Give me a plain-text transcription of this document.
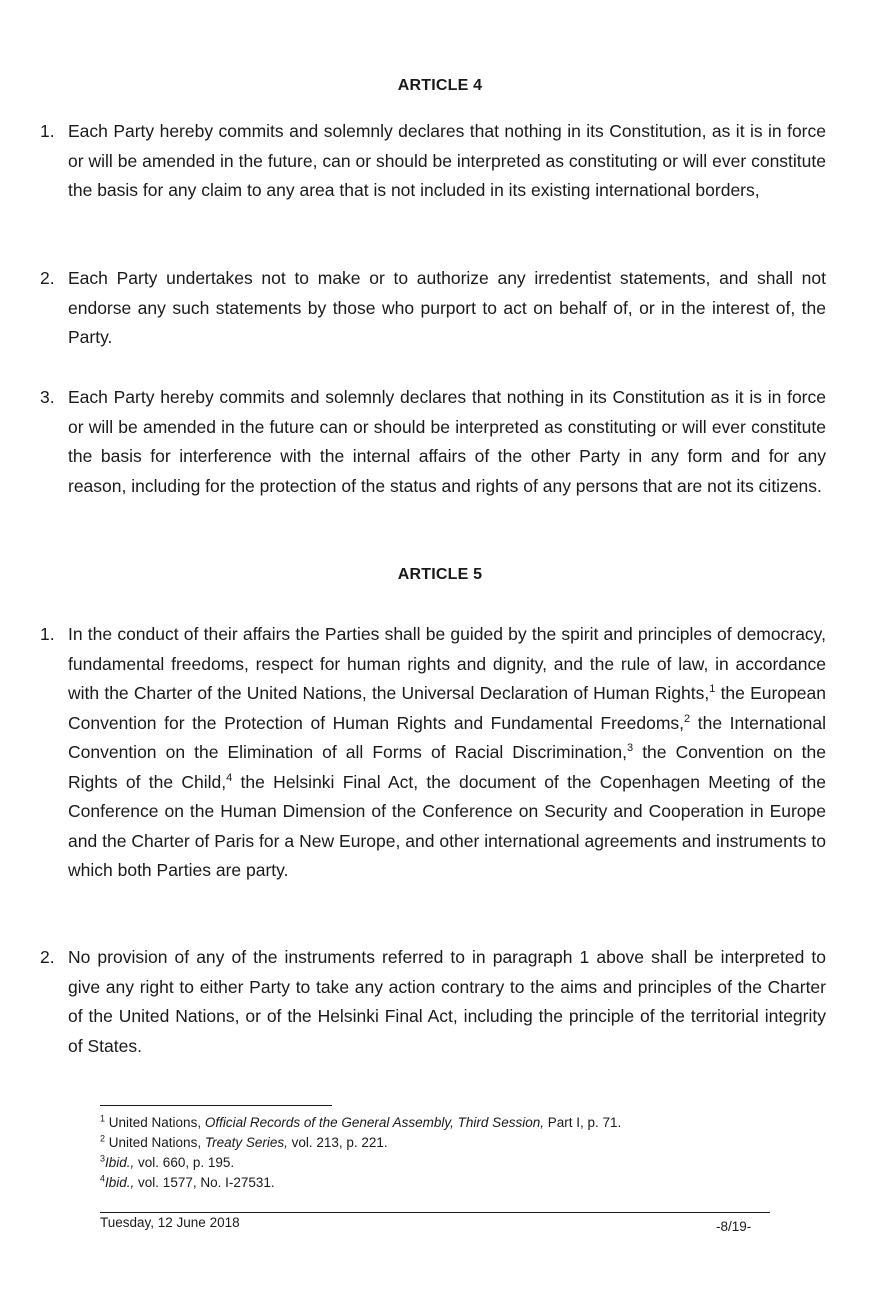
ARTICLE 4
1. Each Party hereby commits and solemnly declares that nothing in its Constitution, as it is in force or will be amended in the future, can or should be interpreted as constituting or will ever constitute the basis for any claim to any area that is not included in its existing international borders,
2. Each Party undertakes not to make or to authorize any irredentist statements, and shall not endorse any such statements by those who purport to act on behalf of, or in the interest of, the Party.
3. Each Party hereby commits and solemnly declares that nothing in its Constitution as it is in force or will be amended in the future can or should be interpreted as constituting or will ever constitute the basis for interference with the internal affairs of the other Party in any form and for any reason, including for the protection of the status and rights of any persons that are not its citizens.
ARTICLE 5
1. In the conduct of their affairs the Parties shall be guided by the spirit and principles of democracy, fundamental freedoms, respect for human rights and dignity, and the rule of law, in accordance with the Charter of the United Nations, the Universal Declaration of Human Rights,$^1$ the European Convention for the Protection of Human Rights and Fundamental Freedoms,$^2$ the International Convention on the Elimination of all Forms of Racial Discrimination,$^3$ the Convention on the Rights of the Child,$^4$ the Helsinki Final Act, the document of the Copenhagen Meeting of the Conference on the Human Dimension of the Conference on Security and Cooperation in Europe and the Charter of Paris for a New Europe, and other international agreements and instruments to which both Parties are party.
2. No provision of any of the instruments referred to in paragraph 1 above shall be interpreted to give any right to either Party to take any action contrary to the aims and principles of the Charter of the United Nations, or of the Helsinki Final Act, including the principle of the territorial integrity of States.
$^1$ United Nations, Official Records of the General Assembly, Third Session, Part I, p. 71.
$^2$ United Nations, Treaty Series, vol. 213, p. 221.
$^3$Ibid., vol. 660, p. 195.
$^4$Ibid., vol. 1577, No. I-27531.
Tuesday, 12 June 2018	-8/19-
